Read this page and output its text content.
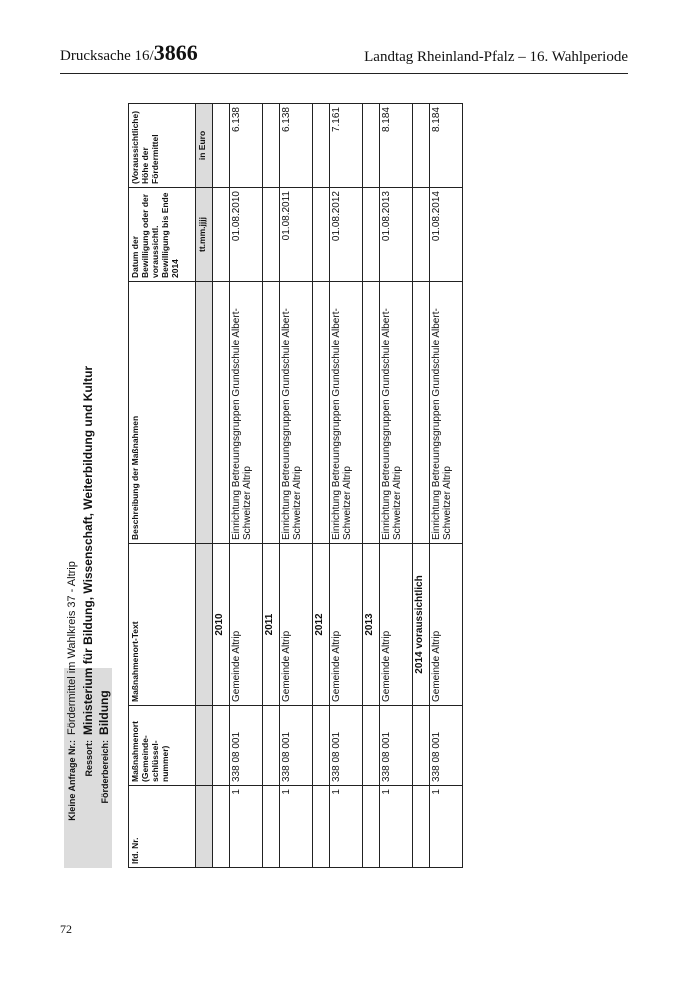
Drucksache 16/3866	Landtag Rheinland-Pfalz – 16. Wahlperiode
Kleine Anfrage Nr.: Fördermittel im Wahlkreis 37 - Altrip
Ressort: Ministerium für Bildung, Wissenschaft, Weiterbildung und Kultur
Förderbereich: Bildung
lfd. Nr.	Maßnahmenort (Gemeinde-schlüssel-nummer)	Maßnahmenort-Text	Beschreibung der Maßnahmen	Datum der Bewilligung oder der voraussichtl. Bewilligung bis Ende 2014	(Voraussichtliche) Höhe der Fördermittel
				tt.mm.jjjj	in Euro
		2010			
1	338 08 001	Gemeinde Altrip	Einrichtung Betreuungsgruppen Grundschule Albert-Schweitzer Altrip	01.08.2010	6.138
		2011			
1	338 08 001	Gemeinde Altrip	Einrichtung Betreuungsgruppen Grundschule Albert-Schweitzer Altrip	01.08.2011	6.138
		2012			
1	338 08 001	Gemeinde Altrip	Einrichtung Betreuungsgruppen Grundschule Albert-Schweitzer Altrip	01.08.2012	7.161
		2013			
1	338 08 001	Gemeinde Altrip	Einrichtung Betreuungsgruppen Grundschule Albert-Schweitzer Altrip	01.08.2013	8.184
		2014 voraussichtlich			
1	338 08 001	Gemeinde Altrip	Einrichtung Betreuungsgruppen Grundschule Albert-Schweitzer Altrip	01.08.2014	8.184
72
